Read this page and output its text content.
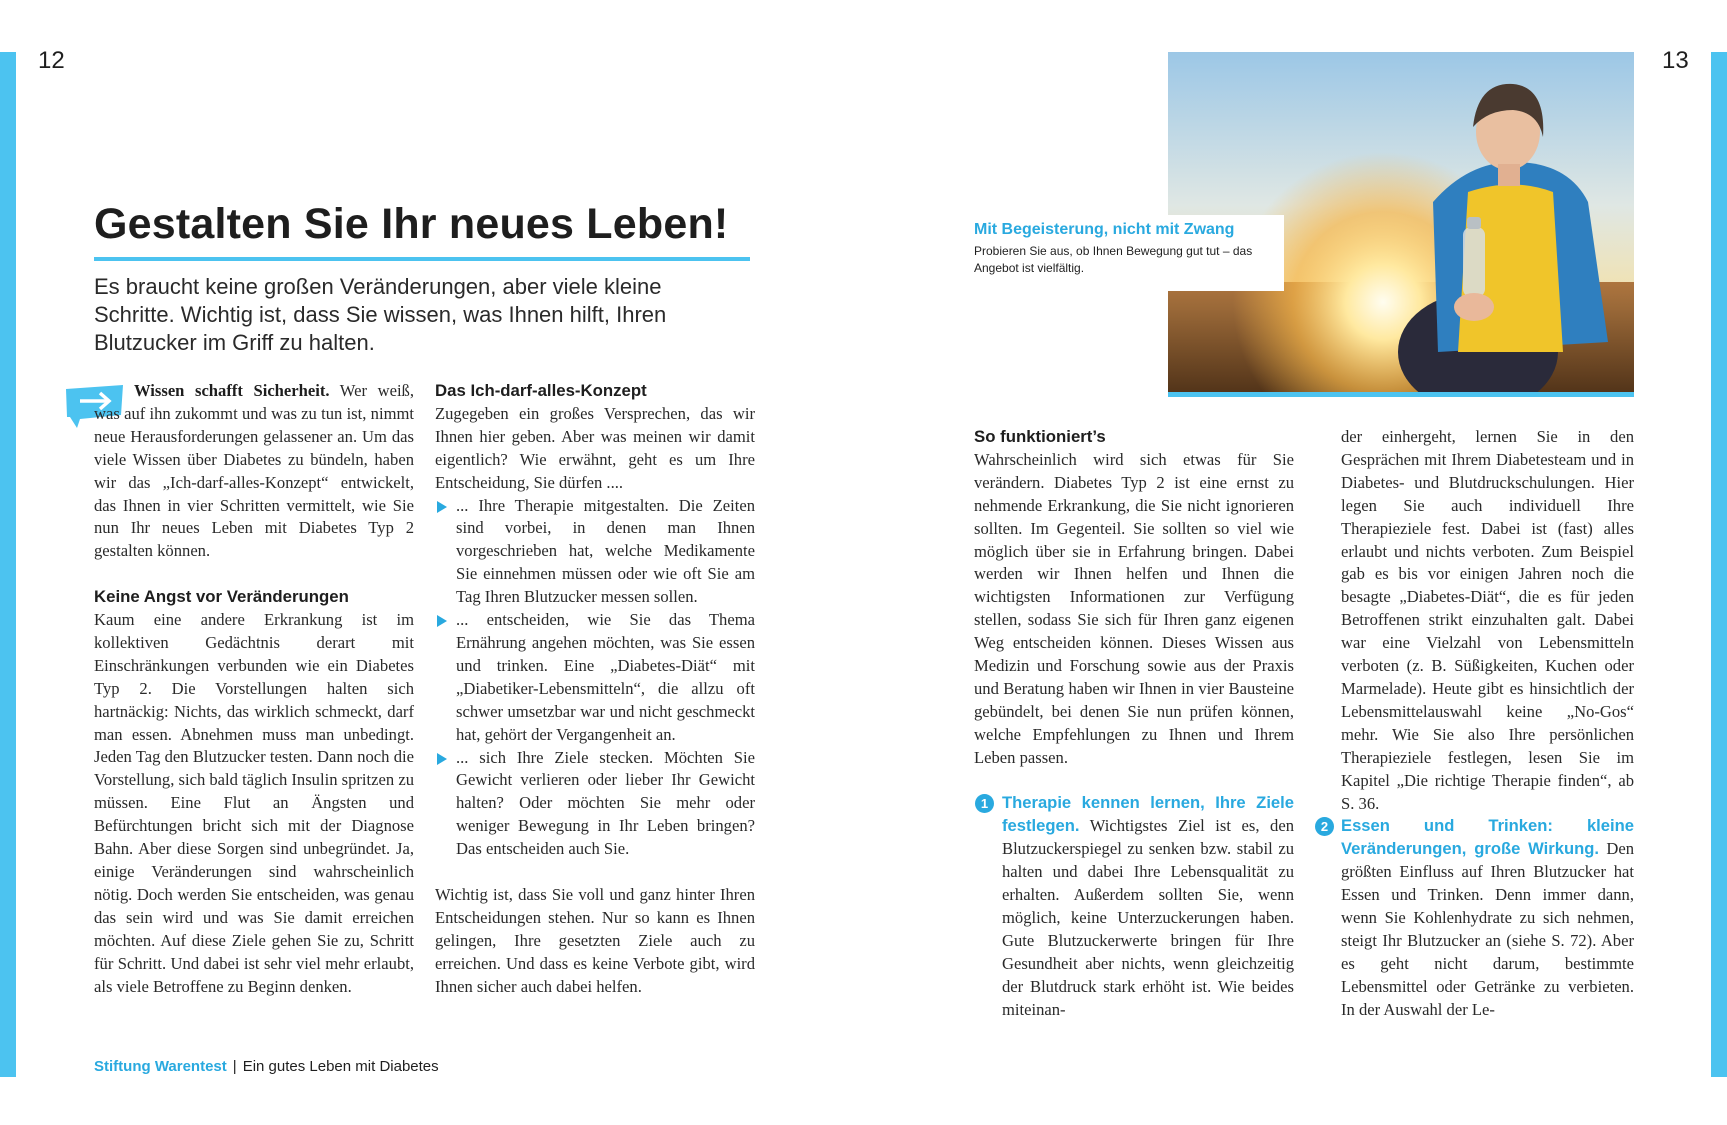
12	13
Gestalten Sie Ihr neues Leben!

Es braucht keine großen Veränderungen, aber viele kleine Schritte. Wichtig ist, dass Sie wissen, was Ihnen hilft, Ihren Blutzucker im Griff zu halten.

Wissen schafft Sicherheit. Wer weiß, was auf ihn zukommt und was zu tun ist, nimmt neue Herausforderungen gelassener an. Um das viele Wissen über Diabetes zu bündeln, haben wir das „Ich-darf-alles-Konzept“ entwickelt, das Ihnen in vier Schritten vermittelt, wie Sie nun Ihr neues Leben mit Diabetes Typ 2 gestalten können.

Keine Angst vor Veränderungen

Kaum eine andere Erkrankung ist im kollektiven Gedächtnis derart mit Einschränkungen verbunden wie ein Diabetes Typ 2. Die Vorstellungen halten sich hartnäckig: Nichts, das wirklich schmeckt, darf man essen. Abnehmen muss man unbedingt. Jeden Tag den Blutzucker testen. Dann noch die Vorstellung, sich bald täglich Insulin spritzen zu müssen. Eine Flut an Ängsten und Befürchtungen bricht sich mit der Diagnose Bahn. Aber diese Sorgen sind unbegründet. Ja, einige Veränderungen sind wahrscheinlich nötig. Doch werden Sie entscheiden, was genau das sein wird und was Sie damit erreichen möchten. Auf diese Ziele gehen Sie zu, Schritt für Schritt. Und dabei ist sehr viel mehr erlaubt, als viele Betroffene zu Beginn denken.

Das Ich-darf-alles-Konzept

Zugegeben ein großes Versprechen, das wir Ihnen hier geben. Aber was meinen wir damit eigentlich? Wie erwähnt, geht es um Ihre Entscheidung, Sie dürfen ....

... Ihre Therapie mitgestalten. Die Zeiten sind vorbei, in denen man Ihnen vorgeschrieben hat, welche Medikamente Sie einnehmen müssen oder wie oft Sie am Tag Ihren Blutzucker messen sollen.
... entscheiden, wie Sie das Thema Ernährung angehen möchten, was Sie essen und trinken. Eine „Diabetes-Diät“ mit „Diabetiker-Lebensmitteln“, die allzu oft schwer umsetzbar war und nicht geschmeckt hat, gehört der Vergangenheit an.
... sich Ihre Ziele stecken. Möchten Sie Gewicht verlieren oder lieber Ihr Gewicht halten? Oder möchten Sie mehr oder weniger Bewegung in Ihr Leben bringen? Das entscheiden auch Sie.

Wichtig ist, dass Sie voll und ganz hinter Ihren Entscheidungen stehen. Nur so kann es Ihnen gelingen, Ihre gesetzten Ziele auch zu erreichen. Und dass es keine Verbote gibt, wird Ihnen sicher auch dabei helfen.

Mit Begeisterung, nicht mit Zwang

Probieren Sie aus, ob Ihnen Bewegung gut tut – das Angebot ist vielfältig.

So funktioniert’s

Wahrscheinlich wird sich etwas für Sie verändern. Diabetes Typ 2 ist eine ernst zu nehmende Erkrankung, die Sie nicht ignorieren sollten. Im Gegenteil. Sie sollten so viel wie möglich über sie in Erfahrung bringen. Dabei werden wir Ihnen helfen und Ihnen die wichtigsten Informationen zur Verfügung stellen, sodass Sie sich für Ihren ganz eigenen Weg entscheiden können. Dieses Wissen aus Medizin und Forschung sowie aus der Praxis und Beratung haben wir Ihnen in vier Bausteine gebündelt, bei denen Sie nun prüfen können, welche Empfehlungen zu Ihnen und Ihrem Leben passen.

1 Therapie kennen lernen, Ihre Ziele festlegen. Wichtigstes Ziel ist es, den Blutzuckerspiegel zu senken bzw. stabil zu halten und dabei Ihre Lebensqualität zu erhalten. Außerdem sollten Sie, wenn möglich, keine Unterzuckerungen haben. Gute Blutzuckerwerte bringen für Ihre Gesundheit aber nichts, wenn gleichzeitig der Blutdruck stark erhöht ist. Wie beides miteinan-

der einhergeht, lernen Sie in den Gesprächen mit Ihrem Diabetesteam und in Diabetes- und Blutdruckschulungen. Hier legen Sie auch individuell Ihre Therapieziele fest. Dabei ist (fast) alles erlaubt und nichts verboten. Zum Beispiel gab es bis vor einigen Jahren noch die besagte „Diabetes-Diät“, die es für jeden Betroffenen strikt einzuhalten galt. Dabei war eine Vielzahl von Lebensmitteln verboten (z. B. Süßigkeiten, Kuchen oder Marmelade). Heute gibt es hinsichtlich der Lebensmittelauswahl keine „No-Gos“ mehr. Wie Sie also Ihre persönlichen Therapieziele festlegen, lesen Sie im Kapitel „Die richtige Therapie finden“, ab S. 36.

2 Essen und Trinken: kleine Veränderungen, große Wirkung. Den größten Einfluss auf Ihren Blutzucker hat Essen und Trinken. Denn immer dann, wenn Sie Kohlenhydrate zu sich nehmen, steigt Ihr Blutzucker an (siehe S. 72). Aber es geht nicht darum, bestimmte Lebensmittel oder Getränke zu verbieten. In der Auswahl der Le-

Stiftung Warentest | Ein gutes Leben mit Diabetes
